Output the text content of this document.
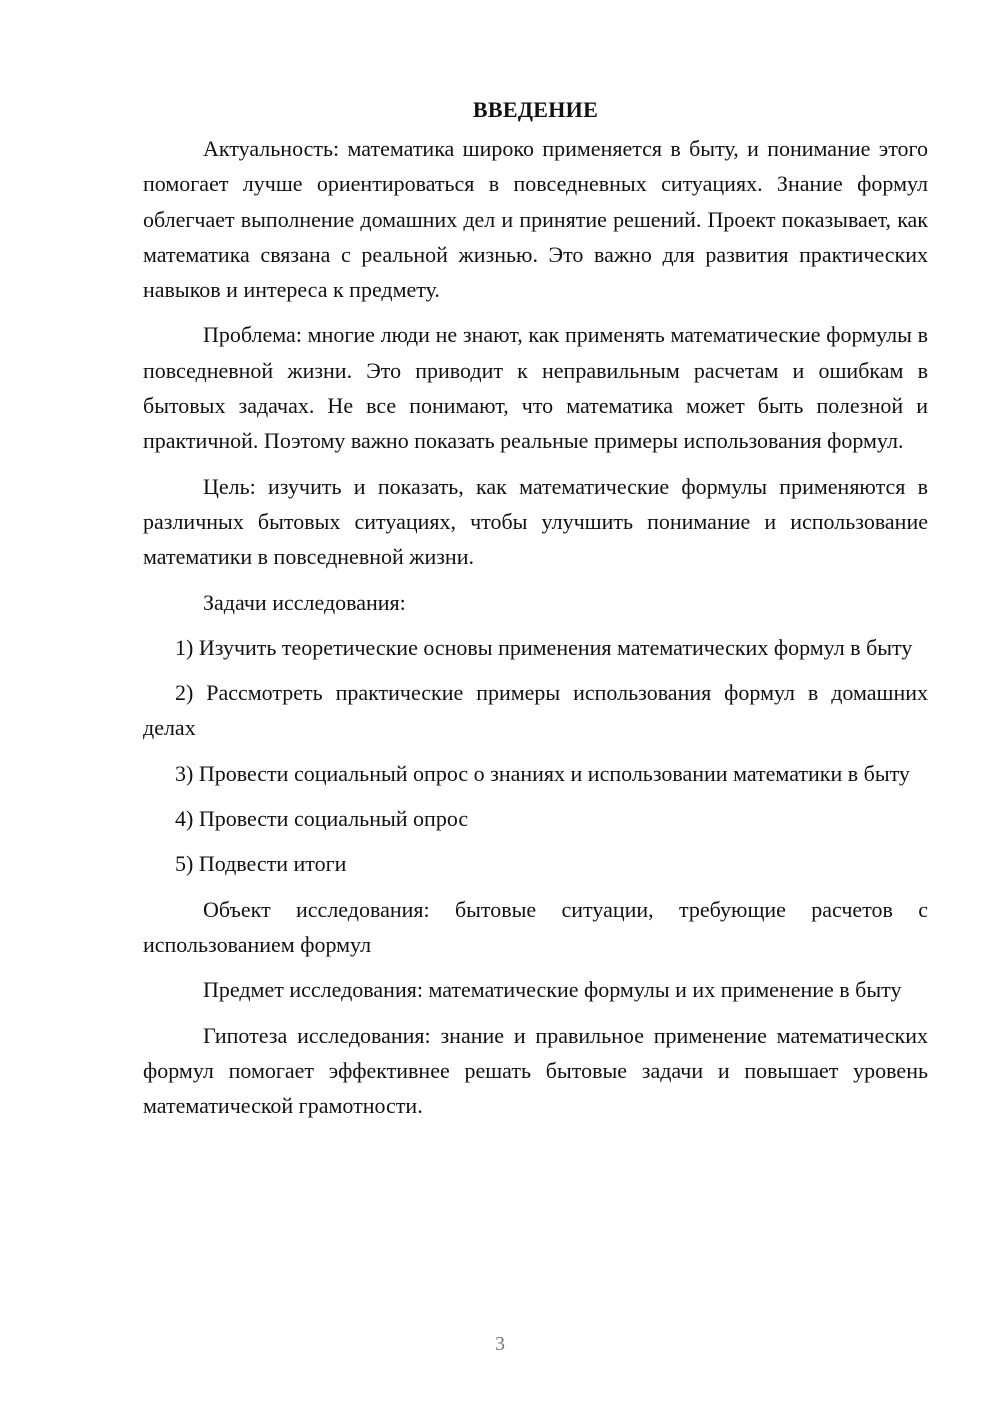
ВВЕДЕНИЕ

Актуальность: математика широко применяется в быту, и понимание этого помогает лучше ориентироваться в повседневных ситуациях. Знание формул облегчает выполнение домашних дел и принятие решений. Проект показывает, как математика связана с реальной жизнью. Это важно для развития практических навыков и интереса к предмету.

Проблема: многие люди не знают, как применять математические формулы в повседневной жизни. Это приводит к неправильным расчетам и ошибкам в бытовых задачах. Не все понимают, что математика может быть полезной и практичной. Поэтому важно показать реальные примеры использования формул.

Цель: изучить и показать, как математические формулы применяются в различных бытовых ситуациях, чтобы улучшить понимание и использование математики в повседневной жизни.

Задачи исследования:

1) Изучить теоретические основы применения математических формул в быту

2) Рассмотреть практические примеры использования формул в домашних делах

3) Провести социальный опрос о знаниях и использовании математики в быту

4) Провести социальный опрос

5) Подвести итоги

Объект исследования: бытовые ситуации, требующие расчетов с использованием формул

Предмет исследования: математические формулы и их применение в быту

Гипотеза исследования: знание и правильное применение математических формул помогает эффективнее решать бытовые задачи и повышает уровень математической грамотности.

3
